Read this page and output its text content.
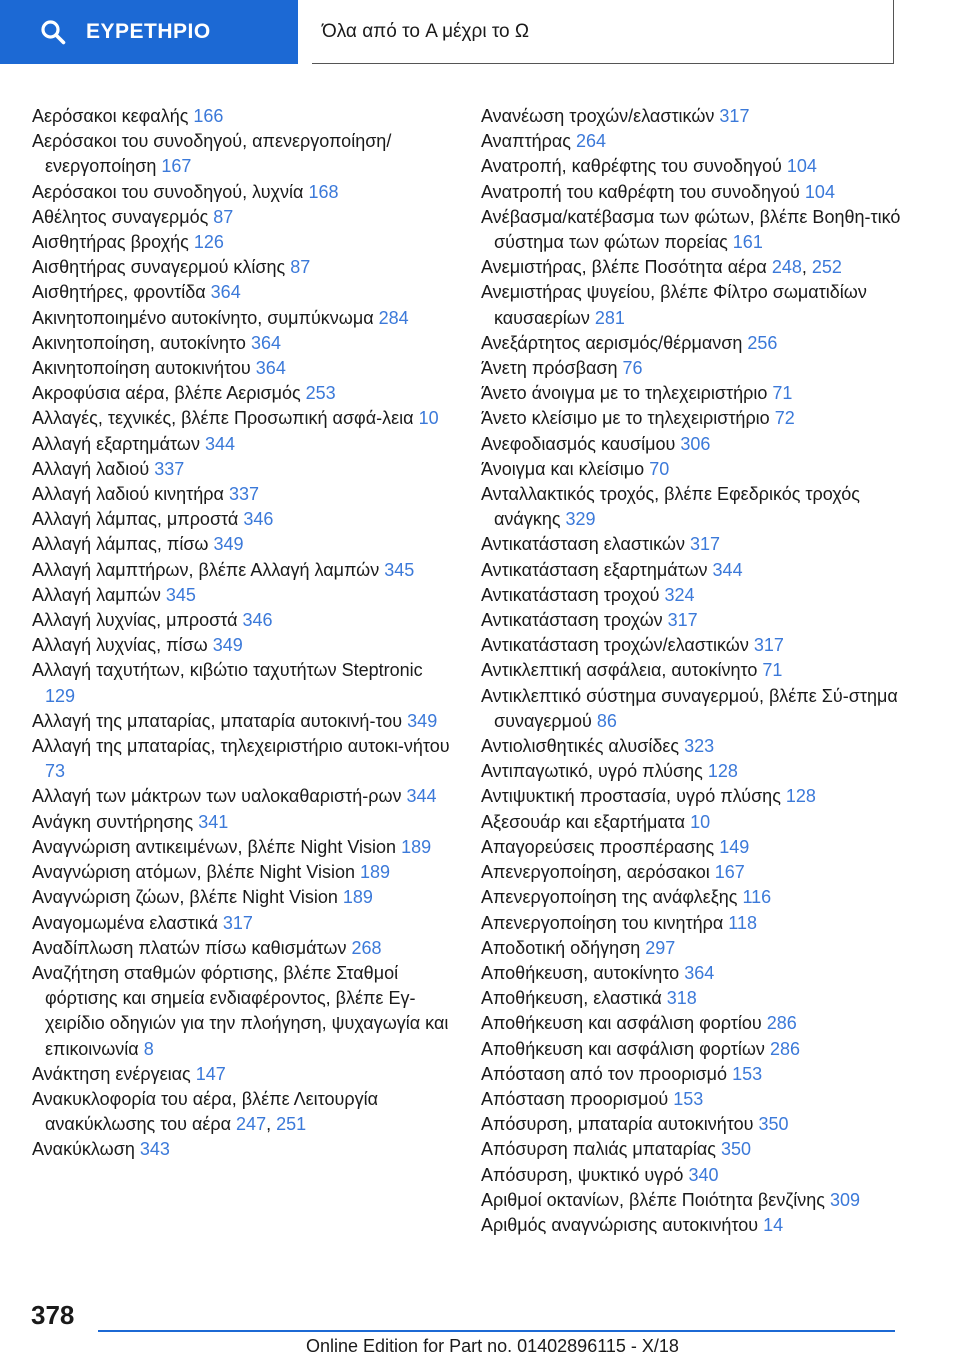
ΕΥΡΕΤΗΡΙΟ	Όλα από το A μέχρι το Ω
Αερόσακοι κεφαλής 166
Αερόσακοι του συνοδηγού, απενεργοποίηση/ενεργοποίηση 167
Αερόσακοι του συνοδηγού, λυχνία 168
Αθέλητος συναγερμός 87
Αισθητήρας βροχής 126
Αισθητήρας συναγερμού κλίσης 87
Αισθητήρες, φροντίδα 364
Ακινητοποιημένο αυτοκίνητο, συμπύκνωμα 284
Ακινητοποίηση, αυτοκίνητο 364
Ακινητοποίηση αυτοκινήτου 364
Ακροφύσια αέρα, βλέπε Αερισμός 253
Αλλαγές, τεχνικές, βλέπε Προσωπική ασφά-λεια 10
Αλλαγή εξαρτημάτων 344
Αλλαγή λαδιού 337
Αλλαγή λαδιού κινητήρα 337
Αλλαγή λάμπας, μπροστά 346
Αλλαγή λάμπας, πίσω 349
Αλλαγή λαμπτήρων, βλέπε Αλλαγή λαμπών 345
Αλλαγή λαμπών 345
Αλλαγή λυχνίας, μπροστά 346
Αλλαγή λυχνίας, πίσω 349
Αλλαγή ταχυτήτων, κιβώτιο ταχυτήτων Steptronic 129
Αλλαγή της μπαταρίας, μπαταρία αυτοκινή-του 349
Αλλαγή της μπαταρίας, τηλεχειριστήριο αυτοκι-νήτου 73
Αλλαγή των μάκτρων των υαλοκαθαριστή-ρων 344
Ανάγκη συντήρησης 341
Αναγνώριση αντικειμένων, βλέπε Night Vision 189
Αναγνώριση ατόμων, βλέπε Night Vision 189
Αναγνώριση ζώων, βλέπε Night Vision 189
Αναγομωμένα ελαστικά 317
Αναδίπλωση πλατών πίσω καθισμάτων 268
Αναζήτηση σταθμών φόρτισης, βλέπε Σταθμοί φόρτισης και σημεία ενδιαφέροντος, βλέπε Εγ-χειρίδιο οδηγιών για την πλοήγηση, ψυχαγωγία και επικοινωνία 8
Ανάκτηση ενέργειας 147
Ανακυκλοφορία του αέρα, βλέπε Λειτουργία ανακύκλωσης του αέρα 247, 251
Ανακύκλωση 343
Ανανέωση τροχών/ελαστικών 317
Αναπτήρας 264
Ανατροπή, καθρέφτης του συνοδηγού 104
Ανατροπή του καθρέφτη του συνοδηγού 104
Ανέβασμα/κατέβασμα των φώτων, βλέπε Βοηθη-τικό σύστημα των φώτων πορείας 161
Ανεμιστήρας, βλέπε Ποσότητα αέρα 248, 252
Ανεμιστήρας ψυγείου, βλέπε Φίλτρο σωματιδίων καυσαερίων 281
Ανεξάρτητος αερισμός/θέρμανση 256
Άνετη πρόσβαση 76
Άνετο άνοιγμα με το τηλεχειριστήριο 71
Άνετο κλείσιμο με το τηλεχειριστήριο 72
Ανεφοδιασμός καυσίμου 306
Άνοιγμα και κλείσιμο 70
Ανταλλακτικός τροχός, βλέπε Εφεδρικός τροχός ανάγκης 329
Αντικατάσταση ελαστικών 317
Αντικατάσταση εξαρτημάτων 344
Αντικατάσταση τροχού 324
Αντικατάσταση τροχών 317
Αντικατάσταση τροχών/ελαστικών 317
Αντικλεπτική ασφάλεια, αυτοκίνητο 71
Αντικλεπτικό σύστημα συναγερμού, βλέπε Σύ-στημα συναγερμού 86
Αντιολισθητικές αλυσίδες 323
Αντιπαγωτικό, υγρό πλύσης 128
Αντιψυκτική προστασία, υγρό πλύσης 128
Αξεσουάρ και εξαρτήματα 10
Απαγορεύσεις προσπέρασης 149
Απενεργοποίηση, αερόσακοι 167
Απενεργοποίηση της ανάφλεξης 116
Απενεργοποίηση του κινητήρα 118
Αποδοτική οδήγηση 297
Αποθήκευση, αυτοκίνητο 364
Αποθήκευση, ελαστικά 318
Αποθήκευση και ασφάλιση φορτίου 286
Αποθήκευση και ασφάλιση φορτίων 286
Απόσταση από τον προορισμό 153
Απόσταση προορισμού 153
Απόσυρση, μπαταρία αυτοκινήτου 350
Απόσυρση παλιάς μπαταρίας 350
Απόσυρση, ψυκτικό υγρό 340
Αριθμοί οκτανίων, βλέπε Ποιότητα βενζίνης 309
Αριθμός αναγνώρισης αυτοκινήτου 14
378
Online Edition for Part no. 01402896115 - X/18
